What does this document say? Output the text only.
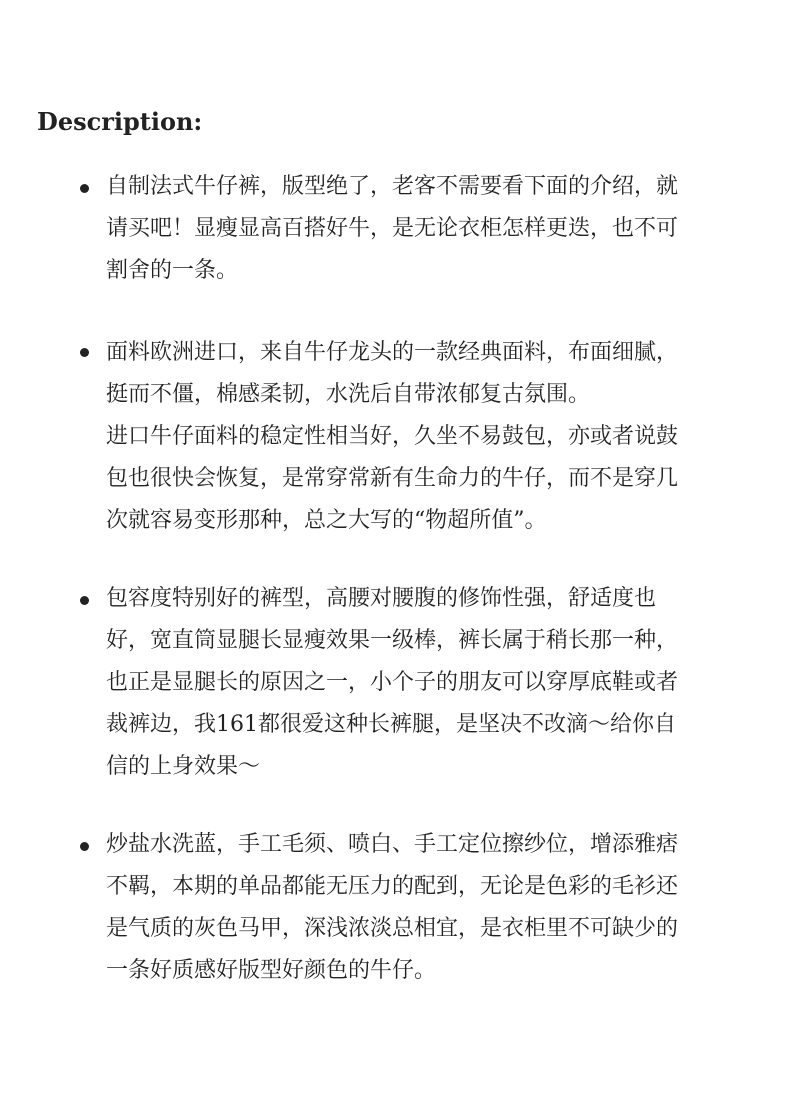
Description:
自制法式牛仔裤，版型绝了，老客不需要看下面的介绍，就
请买吧！显瘦显高百搭好牛，是无论衣柜怎样更迭，也不可
割舍的一条。
面料欧洲进口，来自牛仔龙头的一款经典面料，布面细腻，
挺而不僵，棉感柔韧，水洗后自带浓郁复古氛围。
进口牛仔面料的稳定性相当好，久坐不易鼓包，亦或者说鼓
包也很快会恢复，是常穿常新有生命力的牛仔，而不是穿几
次就容易变形那种，总之大写的“物超所值”。
包容度特别好的裤型，高腰对腰腹的修饰性强，舒适度也
好，宽直筒显腿长显瘦效果一级棒，裤长属于稍长那一种，
也正是显腿长的原因之一，小个子的朋友可以穿厚底鞋或者
裁裤边，我161都很爱这种长裤腿，是坚决不改滴～给你自
信的上身效果～
炒盐水洗蓝，手工毛须、喷白、手工定位擦纱位，增添雅痞
不羁，本期的单品都能无压力的配到，无论是色彩的毛衫还
是气质的灰色马甲，深浅浓淡总相宜，是衣柜里不可缺少的
一条好质感好版型好颜色的牛仔。
